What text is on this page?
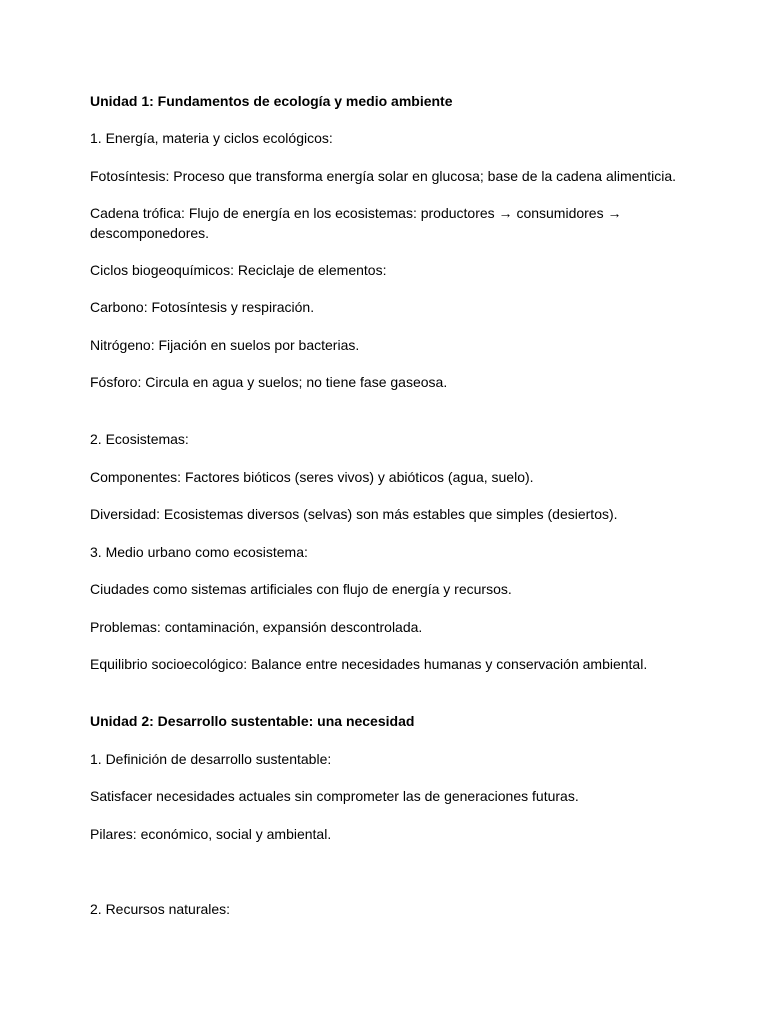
Unidad 1: Fundamentos de ecología y medio ambiente
1. Energía, materia y ciclos ecológicos:
Fotosíntesis: Proceso que transforma energía solar en glucosa; base de la cadena alimenticia.
Cadena trófica: Flujo de energía en los ecosistemas: productores → consumidores → descomponedores.
Ciclos biogeoquímicos: Reciclaje de elementos:
Carbono: Fotosíntesis y respiración.
Nitrógeno: Fijación en suelos por bacterias.
Fósforo: Circula en agua y suelos; no tiene fase gaseosa.
2. Ecosistemas:
Componentes: Factores bióticos (seres vivos) y abióticos (agua, suelo).
Diversidad: Ecosistemas diversos (selvas) son más estables que simples (desiertos).
3. Medio urbano como ecosistema:
Ciudades como sistemas artificiales con flujo de energía y recursos.
Problemas: contaminación, expansión descontrolada.
Equilibrio socioecológico: Balance entre necesidades humanas y conservación ambiental.
Unidad 2: Desarrollo sustentable: una necesidad
1. Definición de desarrollo sustentable:
Satisfacer necesidades actuales sin comprometer las de generaciones futuras.
Pilares: económico, social y ambiental.
2. Recursos naturales:
